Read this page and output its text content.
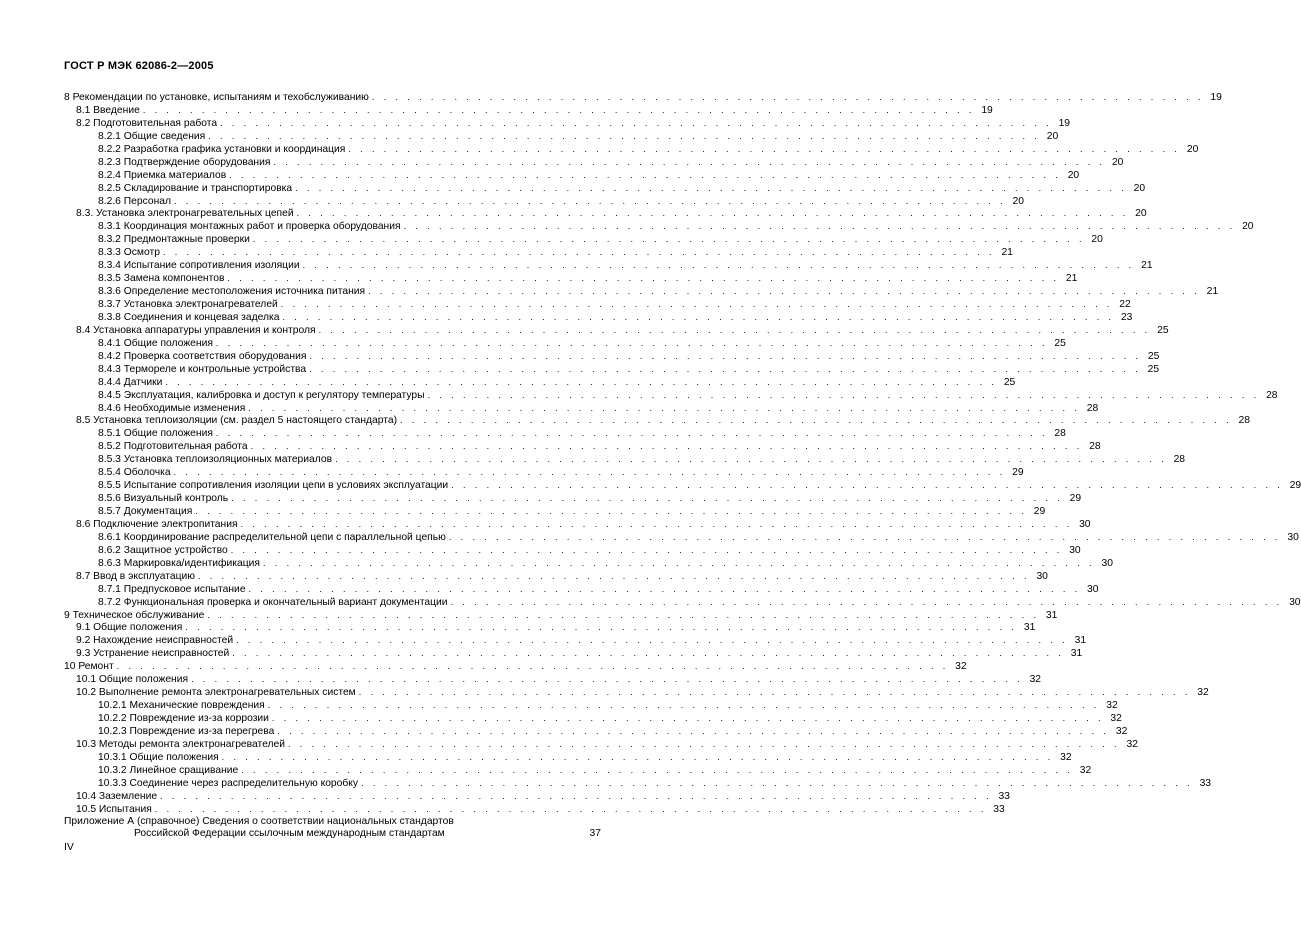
ГОСТ Р МЭК 62086-2—2005
8 Рекомендации по установке, испытаниям и техобслуживанию . . . . . . . . . . . . . . . . . . . . . . . . . . . . . . . . . . . . . . . . . . . . . . . . . . . . . . . . . . . . . . . . . . . . . . . 19
8.1 Введение . . . . . . . . . . . . . . . . . . . . . . . . . . . . . . . . . . . . . . . . . . . . . . . . . . . . . . . . . . . . . . . . . . . . . . . 19
8.2 Подготовительная работа . . . . . . . . . . . . . . . . . . . . . . . . . . . . . . . . . . . . . . . . . . . . . . . . . . . . . . . . . . . . . . . . . . . . . . . 19
8.2.1 Общие сведения . . . . . . . . . . . . . . . . . . . . . . . . . . . . . . . . . . . . . . . . . . . . . . . . . . . . . . . . . . . . . . . . . . . . . . . 20
8.2.2 Разработка графика установки и координация . . . . . . . . . . . . . . . . . . . . . . . . . . . . . . . . . . . . . . . . . . . . . . . . . . . . . . . . . . . . . . . . . . . . . . . 20
8.2.3 Подтверждение оборудования . . . . . . . . . . . . . . . . . . . . . . . . . . . . . . . . . . . . . . . . . . . . . . . . . . . . . . . . . . . . . . . . . . . . . . . 20
8.2.4 Приемка материалов . . . . . . . . . . . . . . . . . . . . . . . . . . . . . . . . . . . . . . . . . . . . . . . . . . . . . . . . . . . . . . . . . . . . . . . 20
8.2.5 Складирование и транспортировка . . . . . . . . . . . . . . . . . . . . . . . . . . . . . . . . . . . . . . . . . . . . . . . . . . . . . . . . . . . . . . . . . . . . . . . 20
8.2.6 Персонал . . . . . . . . . . . . . . . . . . . . . . . . . . . . . . . . . . . . . . . . . . . . . . . . . . . . . . . . . . . . . . . . . . . . . . . 20
8.3. Установка электронагревательных цепей . . . . . . . . . . . . . . . . . . . . . . . . . . . . . . . . . . . . . . . . . . . . . . . . . . . . . . . . . . . . . . . . . . . . . . . 20
8.3.1 Координация монтажных работ и проверка оборудования . . . . . . . . . . . . . . . . . . . . . . . . . . . . . . . . . . . . . . . . . . . . . . . . . . . . . . . . . . . . . . . . . . . . . . . 20
8.3.2 Предмонтажные проверки . . . . . . . . . . . . . . . . . . . . . . . . . . . . . . . . . . . . . . . . . . . . . . . . . . . . . . . . . . . . . . . . . . . . . . . 20
8.3.3 Осмотр . . . . . . . . . . . . . . . . . . . . . . . . . . . . . . . . . . . . . . . . . . . . . . . . . . . . . . . . . . . . . . . . . . . . . . . 21
8.3.4 Испытание сопротивления изоляции . . . . . . . . . . . . . . . . . . . . . . . . . . . . . . . . . . . . . . . . . . . . . . . . . . . . . . . . . . . . . . . . . . . . . . . 21
8.3.5 Замена компонентов . . . . . . . . . . . . . . . . . . . . . . . . . . . . . . . . . . . . . . . . . . . . . . . . . . . . . . . . . . . . . . . . . . . . . . . 21
8.3.6 Определение местоположения источника питания . . . . . . . . . . . . . . . . . . . . . . . . . . . . . . . . . . . . . . . . . . . . . . . . . . . . . . . . . . . . . . . . . . . . . . . 21
8.3.7 Установка электронагревателей . . . . . . . . . . . . . . . . . . . . . . . . . . . . . . . . . . . . . . . . . . . . . . . . . . . . . . . . . . . . . . . . . . . . . . . 22
8.3.8 Соединения и концевая заделка . . . . . . . . . . . . . . . . . . . . . . . . . . . . . . . . . . . . . . . . . . . . . . . . . . . . . . . . . . . . . . . . . . . . . . . 23
8.4 Установка аппаратуры управления и контроля . . . . . . . . . . . . . . . . . . . . . . . . . . . . . . . . . . . . . . . . . . . . . . . . . . . . . . . . . . . . . . . . . . . . . . . 25
8.4.1 Общие положения . . . . . . . . . . . . . . . . . . . . . . . . . . . . . . . . . . . . . . . . . . . . . . . . . . . . . . . . . . . . . . . . . . . . . . . 25
8.4.2 Проверка соответствия оборудования . . . . . . . . . . . . . . . . . . . . . . . . . . . . . . . . . . . . . . . . . . . . . . . . . . . . . . . . . . . . . . . . . . . . . . . 25
8.4.3 Термореле и контрольные устройства . . . . . . . . . . . . . . . . . . . . . . . . . . . . . . . . . . . . . . . . . . . . . . . . . . . . . . . . . . . . . . . . . . . . . . . 25
8.4.4 Датчики . . . . . . . . . . . . . . . . . . . . . . . . . . . . . . . . . . . . . . . . . . . . . . . . . . . . . . . . . . . . . . . . . . . . . . . 25
8.4.5 Эксплуатация, калибровка и доступ к регулятору температуры . . . . . . . . . . . . . . . . . . . . . . . . . . . . . . . . . . . . . . . . . . . . . . . . . . . . . . . . . . . . . . . . . . . . . . . 28
8.4.6 Необходимые изменения . . . . . . . . . . . . . . . . . . . . . . . . . . . . . . . . . . . . . . . . . . . . . . . . . . . . . . . . . . . . . . . . . . . . . . . 28
8.5 Установка теплоизоляции (см. раздел 5 настоящего стандарта) . . . . . . . . . . . . . . . . . . . . . . . . . . . . . . . . . . . . . . . . . . . . . . . . . . . . . . . . . . . . . . . . . . . . . . . 28
8.5.1 Общие положения . . . . . . . . . . . . . . . . . . . . . . . . . . . . . . . . . . . . . . . . . . . . . . . . . . . . . . . . . . . . . . . . . . . . . . . 28
8.5.2 Подготовительная работа . . . . . . . . . . . . . . . . . . . . . . . . . . . . . . . . . . . . . . . . . . . . . . . . . . . . . . . . . . . . . . . . . . . . . . . 28
8.5.3 Установка теплоизоляционных материалов . . . . . . . . . . . . . . . . . . . . . . . . . . . . . . . . . . . . . . . . . . . . . . . . . . . . . . . . . . . . . . . . . . . . . . . 28
8.5.4 Оболочка . . . . . . . . . . . . . . . . . . . . . . . . . . . . . . . . . . . . . . . . . . . . . . . . . . . . . . . . . . . . . . . . . . . . . . . 29
8.5.5 Испытание сопротивления изоляции цепи в условиях эксплуатации . . . . . . . . . . . . . . . . . . . . . . . . . . . . . . . . . . . . . . . . . . . . . . . . . . . . . . . . . . . . . . . . . . . . . . . 29
8.5.6 Визуальный контроль . . . . . . . . . . . . . . . . . . . . . . . . . . . . . . . . . . . . . . . . . . . . . . . . . . . . . . . . . . . . . . . . . . . . . . . 29
8.5.7 Документация . . . . . . . . . . . . . . . . . . . . . . . . . . . . . . . . . . . . . . . . . . . . . . . . . . . . . . . . . . . . . . . . . . . . . . . 29
8.6 Подключение электропитания . . . . . . . . . . . . . . . . . . . . . . . . . . . . . . . . . . . . . . . . . . . . . . . . . . . . . . . . . . . . . . . . . . . . . . . 30
8.6.1 Координирование распределительной цепи с параллельной цепью . . . . . . . . . . . . . . . . . . . . . . . . . . . . . . . . . . . . . . . . . . . . . . . . . . . . . . . . . . . . . . . . . . . . . . . 30
8.6.2 Защитное устройство . . . . . . . . . . . . . . . . . . . . . . . . . . . . . . . . . . . . . . . . . . . . . . . . . . . . . . . . . . . . . . . . . . . . . . . 30
8.6.3 Маркировка/идентификация . . . . . . . . . . . . . . . . . . . . . . . . . . . . . . . . . . . . . . . . . . . . . . . . . . . . . . . . . . . . . . . . . . . . . . . 30
8.7 Ввод в эксплуатацию . . . . . . . . . . . . . . . . . . . . . . . . . . . . . . . . . . . . . . . . . . . . . . . . . . . . . . . . . . . . . . . . . . . . . . . 30
8.7.1 Предпусковое испытание . . . . . . . . . . . . . . . . . . . . . . . . . . . . . . . . . . . . . . . . . . . . . . . . . . . . . . . . . . . . . . . . . . . . . . . 30
8.7.2 Функциональная проверка и окончательный вариант документации . . . . . . . . . . . . . . . . . . . . . . . . . . . . . . . . . . . . . . . . . . . . . . . . . . . . . . . . . . . . . . . . . . . . . . . 30
9 Техническое обслуживание . . . . . . . . . . . . . . . . . . . . . . . . . . . . . . . . . . . . . . . . . . . . . . . . . . . . . . . . . . . . . . . . . . . . . . . 31
9.1 Общие положения . . . . . . . . . . . . . . . . . . . . . . . . . . . . . . . . . . . . . . . . . . . . . . . . . . . . . . . . . . . . . . . . . . . . . . . 31
9.2 Нахождение неисправностей . . . . . . . . . . . . . . . . . . . . . . . . . . . . . . . . . . . . . . . . . . . . . . . . . . . . . . . . . . . . . . . . . . . . . . . 31
9.3 Устранение неисправностей . . . . . . . . . . . . . . . . . . . . . . . . . . . . . . . . . . . . . . . . . . . . . . . . . . . . . . . . . . . . . . . . . . . . . . . 31
10 Ремонт . . . . . . . . . . . . . . . . . . . . . . . . . . . . . . . . . . . . . . . . . . . . . . . . . . . . . . . . . . . . . . . . . . . . . . . 32
10.1 Общие положения . . . . . . . . . . . . . . . . . . . . . . . . . . . . . . . . . . . . . . . . . . . . . . . . . . . . . . . . . . . . . . . . . . . . . . . 32
10.2 Выполнение ремонта электронагревательных систем . . . . . . . . . . . . . . . . . . . . . . . . . . . . . . . . . . . . . . . . . . . . . . . . . . . . . . . . . . . . . . . . . . . . . . . 32
10.2.1 Механические повреждения . . . . . . . . . . . . . . . . . . . . . . . . . . . . . . . . . . . . . . . . . . . . . . . . . . . . . . . . . . . . . . . . . . . . . . . 32
10.2.2 Повреждение из-за коррозии . . . . . . . . . . . . . . . . . . . . . . . . . . . . . . . . . . . . . . . . . . . . . . . . . . . . . . . . . . . . . . . . . . . . . . . 32
10.2.3 Повреждение из-за перегрева . . . . . . . . . . . . . . . . . . . . . . . . . . . . . . . . . . . . . . . . . . . . . . . . . . . . . . . . . . . . . . . . . . . . . . . 32
10.3 Методы ремонта электронагревателей . . . . . . . . . . . . . . . . . . . . . . . . . . . . . . . . . . . . . . . . . . . . . . . . . . . . . . . . . . . . . . . . . . . . . . . 32
10.3.1 Общие положения . . . . . . . . . . . . . . . . . . . . . . . . . . . . . . . . . . . . . . . . . . . . . . . . . . . . . . . . . . . . . . . . . . . . . . . 32
10.3.2 Линейное сращивание . . . . . . . . . . . . . . . . . . . . . . . . . . . . . . . . . . . . . . . . . . . . . . . . . . . . . . . . . . . . . . . . . . . . . . . 32
10.3.3 Соединение через распределительную коробку . . . . . . . . . . . . . . . . . . . . . . . . . . . . . . . . . . . . . . . . . . . . . . . . . . . . . . . . . . . . . . . . . . . . . . . 33
10.4 Заземление . . . . . . . . . . . . . . . . . . . . . . . . . . . . . . . . . . . . . . . . . . . . . . . . . . . . . . . . . . . . . . . . . . . . . . . 33
10.5 Испытания . . . . . . . . . . . . . . . . . . . . . . . . . . . . . . . . . . . . . . . . . . . . . . . . . . . . . . . . . . . . . . . . . . . . . . . 33
Приложение А (справочное) Сведения о соответствии национальных стандартов
Российской Федерации ссылочным международным стандартам	37
IV
